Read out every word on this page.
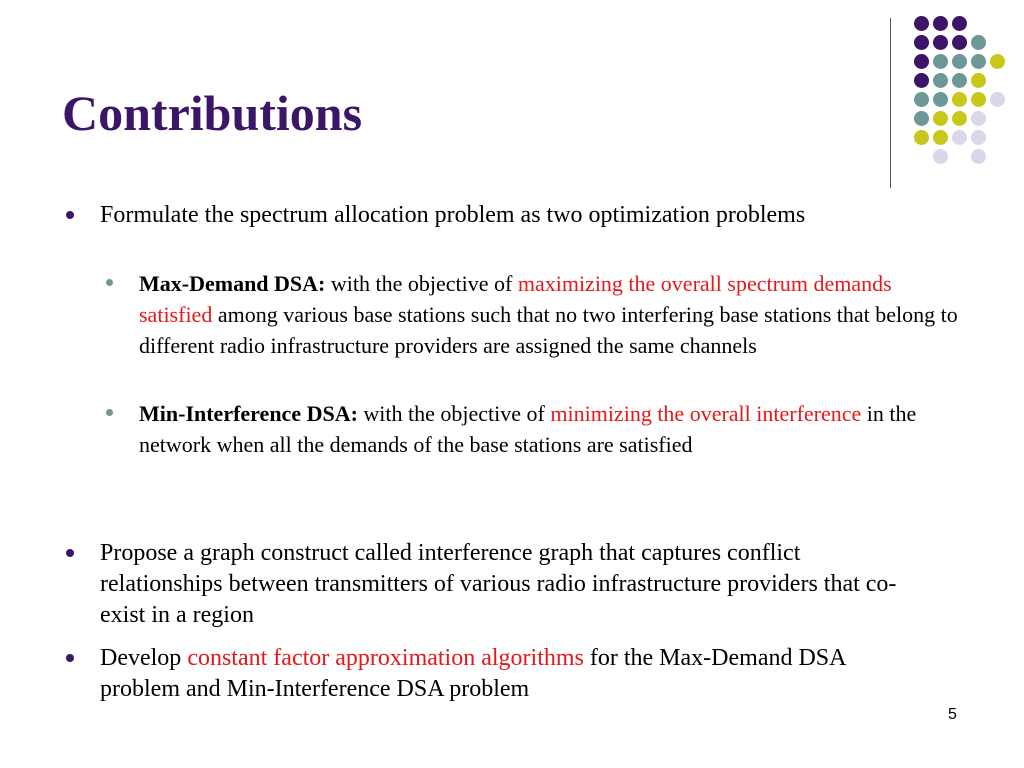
Contributions
Formulate the spectrum allocation problem as two optimization problems
Max-Demand DSA: with the objective of maximizing the overall spectrum demands satisfied among various base stations such that no two interfering base stations that belong to different radio infrastructure providers are assigned the same channels
Min-Interference DSA: with the objective of minimizing the overall interference in the network when all the demands of the base stations are satisfied
Propose a graph construct called interference graph that captures conflict relationships between transmitters of various radio infrastructure providers that co-exist in a region
Develop constant factor approximation algorithms for the Max-Demand DSA problem and Min-Interference DSA problem
5
